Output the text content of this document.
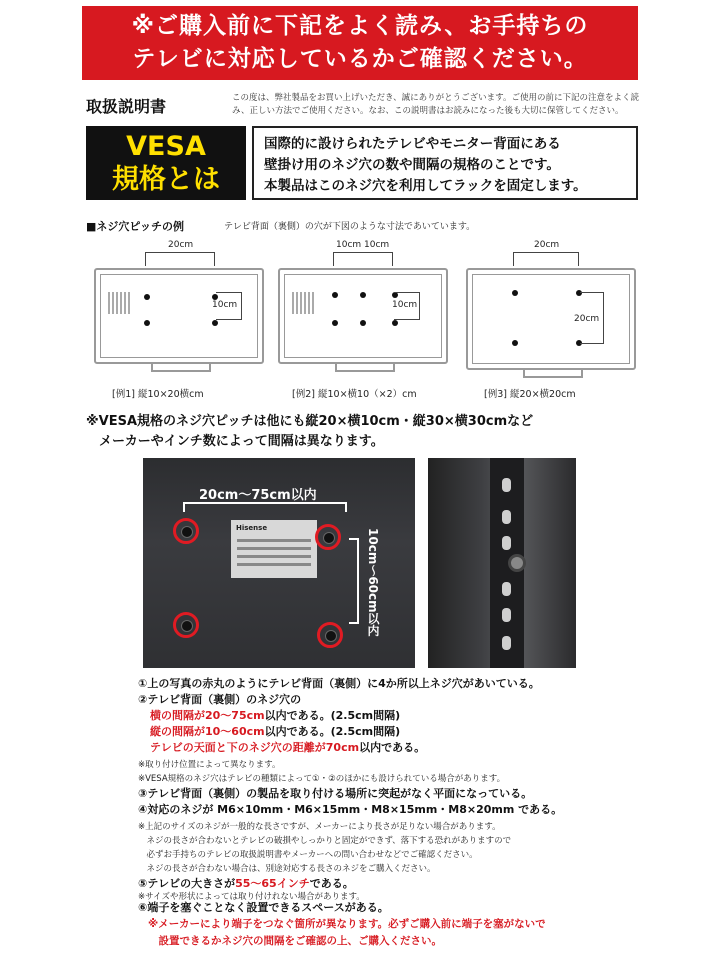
※ご購入前に下記をよく読み、お手持ちの
テレビに対応しているかご確認ください。
取扱説明書	この度は、弊社製品をお買い上げいただき、誠にありがとうございます。ご使用の前に下記の注意をよく読み、正しい方法でご使用ください。なお、この説明書はお読みになった後も大切に保管してください。
VESA
規格とは
国際的に設けられたテレビやモニター背面にある
壁掛け用のネジ穴の数や間隔の規格のことです。
本製品はこのネジ穴を利用してラックを固定します。
■ネジ穴ピッチの例	テレビ背面（裏側）の穴が下図のような寸法であいています。
20cm
10cm
[例1] 縦10×20横cm
10cm 10cm
10cm
[例2] 縦10×横10（×2）cm
20cm
20cm
[例3] 縦20×横20cm
※VESA規格のネジ穴ピッチは他にも縦20×横10cm・縦30×横30cmなど
　メーカーやインチ数によって間隔は異なります。
20cm～75cm以内
10cm～60cm以内
Hisense
①上の写真の赤丸のようにテレビ背面（裏側）に4か所以上ネジ穴があいている。
②テレビ背面（裏側）のネジ穴の
横の間隔が20～75cm以内である。(2.5cm間隔)
縦の間隔が10～60cm以内である。(2.5cm間隔)
テレビの天面と下のネジ穴の距離が70cm以内である。
※取り付け位置によって異なります。
※VESA規格のネジ穴はテレビの種類によって①・②のほかにも設けられている場合があります。
③テレビ背面（裏側）の製品を取り付ける場所に突起がなく平面になっている。
④対応のネジが M6×10mm・M6×15mm・M8×15mm・M8×20mm である。
※上記のサイズのネジが一般的な長さですが、メーカーにより長さが足りない場合があります。
　ネジの長さが合わないとテレビの破損やしっかりと固定ができず、落下する恐れがありますので
　必ずお手持ちのテレビの取扱説明書やメーカーへの問い合わせなどでご確認ください。
　ネジの長さが合わない場合は、別途対応する長さのネジをご購入ください。
⑤テレビの大きさが55～65インチである。
※サイズや形状によっては取り付けれない場合があります。
⑥端子を塞ぐことなく設置できるスペースがある。
※メーカーにより端子をつなぐ箇所が異なります。必ずご購入前に端子を塞がないで
　設置できるかネジ穴の間隔をご確認の上、ご購入ください。
